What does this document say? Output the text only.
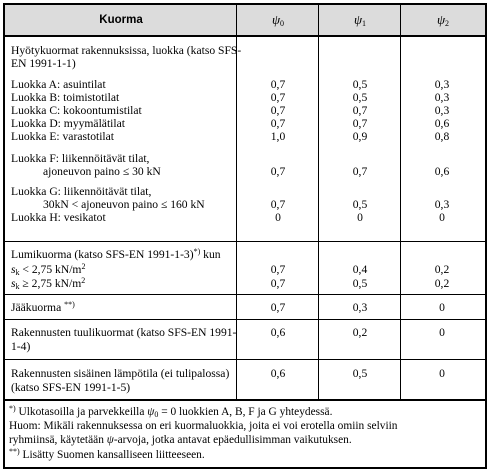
Kuorma	$\psi_0$	$\psi_1$	$\psi_2$
Hyötykuormat rakennuksissa, luokka (katso SFS-
EN 1991-1-1)
Luokka A: asuintilat	0,7	0,5	0,3
Luokka B: toimistotilat	0,7	0,5	0,3
Luokka C: kokoontumistilat	0,7	0,7	0,3
Luokka D: myymälätilat	0,7	0,7	0,6
Luokka E: varastotilat	1,0	0,9	0,8
Luokka F: liikennöitävät tilat,
ajoneuvon paino ≤ 30 kN	0,7	0,7	0,6
Luokka G: liikennöitävät tilat,
30kN < ajoneuvon paino ≤ 160 kN	0,7	0,5	0,3
Luokka H: vesikatot	0	0	0
Lumikuorma (katso SFS-EN 1991-1-3)*) kun
$s_k < 2,75$ $kN/m^2$	0,7	0,4	0,2
$s_k \ge 2,75$ $kN/m^2$	0,7	0,5	0,2
Jääkuorma **)	0,7	0,3	0
Rakennusten tuulikuormat (katso SFS-EN 1991-
1-4)
0,6	0,2	0
Rakennusten sisäinen lämpötila (ei tulipalossa)
(katso SFS-EN 1991-1-5)
0,6	0,5	0
*) Ulkotasoilla ja parvekkeilla $\psi_0 = 0$ luokkien A, B, F ja G yhteydessä.
Huom: Mikäli rakennuksessa on eri kuormaluokkia, joita ei voi erotella omiin selviin
ryhmiinsä, käytetään ψ-arvoja, jotka antavat epäedullisimman vaikutuksen.
**) Lisätty Suomen kansalliseen liitteeseen.
